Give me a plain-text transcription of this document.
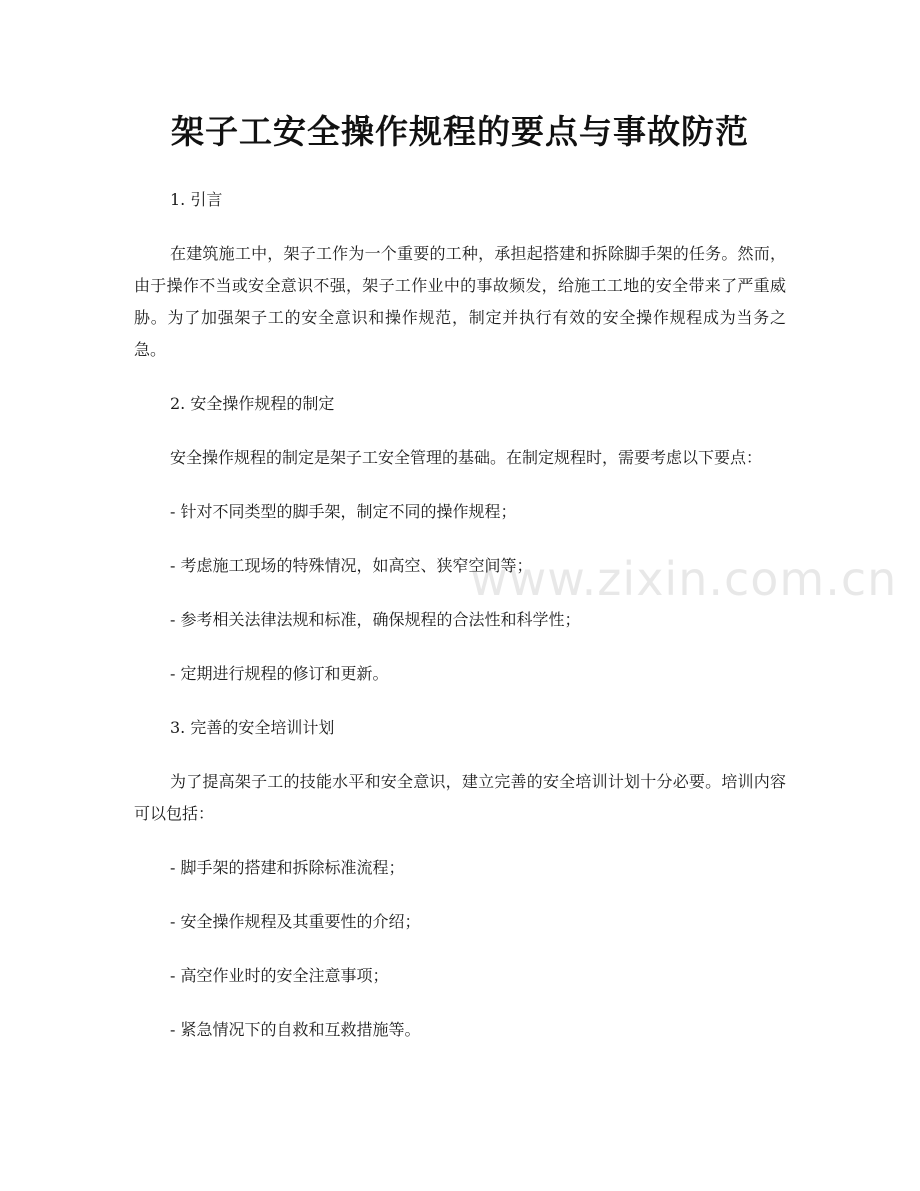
架子工安全操作规程的要点与事故防范

1. 引言

在建筑施工中，架子工作为一个重要的工种，承担起搭建和拆除脚手架的任务。然而，由于操作不当或安全意识不强，架子工作业中的事故频发，给施工工地的安全带来了严重威胁。为了加强架子工的安全意识和操作规范，制定并执行有效的安全操作规程成为当务之急。

2. 安全操作规程的制定

安全操作规程的制定是架子工安全管理的基础。在制定规程时，需要考虑以下要点：

- 针对不同类型的脚手架，制定不同的操作规程；

- 考虑施工现场的特殊情况，如高空、狭窄空间等；

- 参考相关法律法规和标准，确保规程的合法性和科学性；

- 定期进行规程的修订和更新。

3. 完善的安全培训计划

为了提高架子工的技能水平和安全意识，建立完善的安全培训计划十分必要。培训内容可以包括：

- 脚手架的搭建和拆除标准流程；

- 安全操作规程及其重要性的介绍；

- 高空作业时的安全注意事项；

- 紧急情况下的自救和互救措施等。

www.zixin.com.cn
